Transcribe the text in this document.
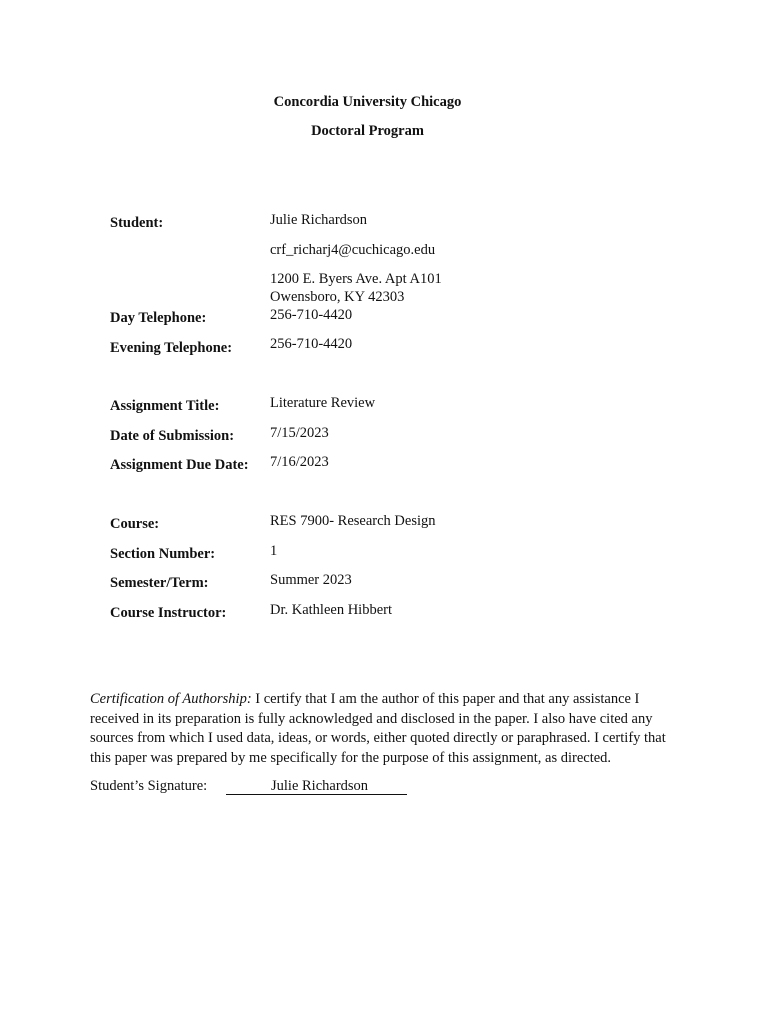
Concordia University Chicago
Doctoral Program
Student:	Julie Richardson
crf_richarj4@cuchicago.edu
1200 E. Byers Ave. Apt A101
Owensboro, KY 42303
Day Telephone:	256-710-4420
Evening Telephone:	256-710-4420
Assignment Title:	Literature Review
Date of Submission: 7/15/2023
Assignment Due Date: 7/16/2023
Course:	RES 7900- Research Design
Section Number:	1
Semester/Term:	Summer 2023
Course Instructor:	Dr. Kathleen Hibbert
Certification of Authorship: I certify that I am the author of this paper and that any assistance I received in its preparation is fully acknowledged and disclosed in the paper. I also have cited any sources from which I used data, ideas, or words, either quoted directly or paraphrased. I certify that this paper was prepared by me specifically for the purpose of this assignment, as directed.
Student’s Signature:	Julie Richardson
